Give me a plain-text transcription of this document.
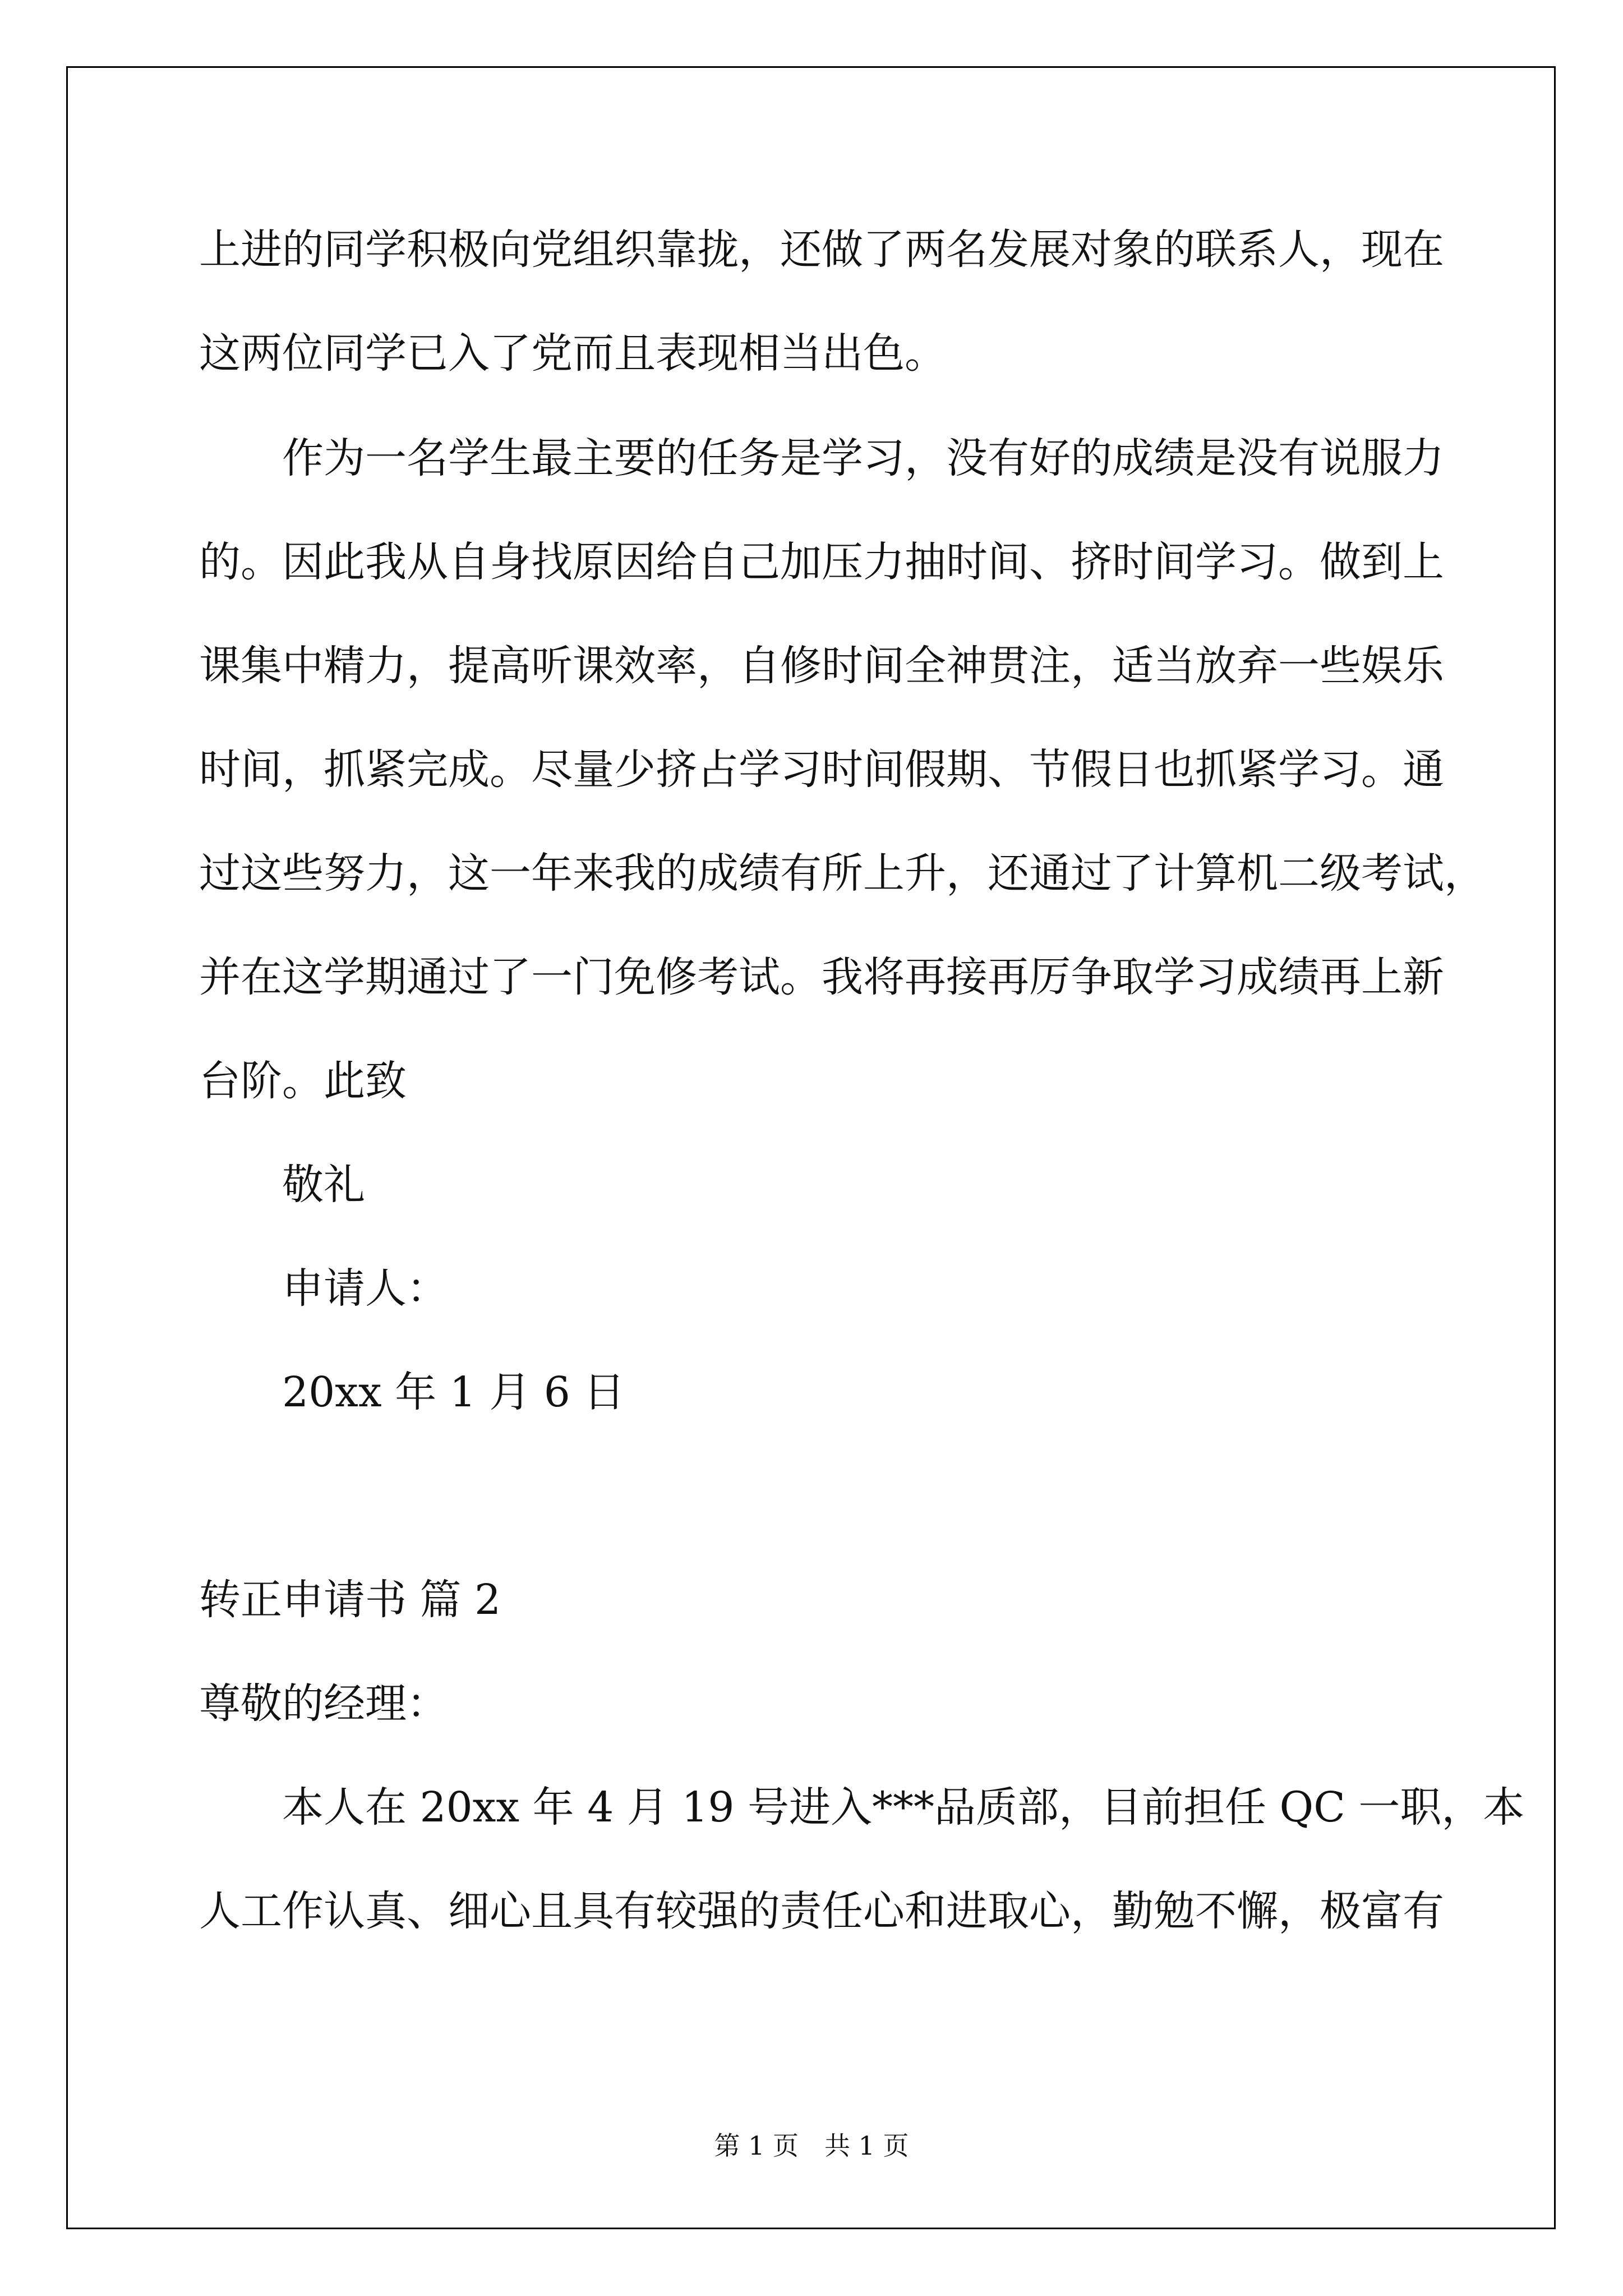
上进的同学积极向党组织靠拢，还做了两名发展对象的联系人，现在

这两位同学已入了党而且表现相当出色。

　　作为一名学生最主要的任务是学习，没有好的成绩是没有说服力

的。因此我从自身找原因给自己加压力抽时间、挤时间学习。做到上

课集中精力，提高听课效率，自修时间全神贯注，适当放弃一些娱乐

时间，抓紧完成。尽量少挤占学习时间假期、节假日也抓紧学习。通

过这些努力，这一年来我的成绩有所上升，还通过了计算机二级考试，

并在这学期通过了一门免修考试。我将再接再厉争取学习成绩再上新

台阶。此致

　　敬礼

　　申请人：

　　20xx 年 1 月 6 日

转正申请书 篇 2

尊敬的经理：

　　本人在 20xx 年 4 月 19 号进入***品质部，目前担任 QC 一职，本

人工作认真、细心且具有较强的责任心和进取心，勤勉不懈，极富有

第 1 页　共 1 页
